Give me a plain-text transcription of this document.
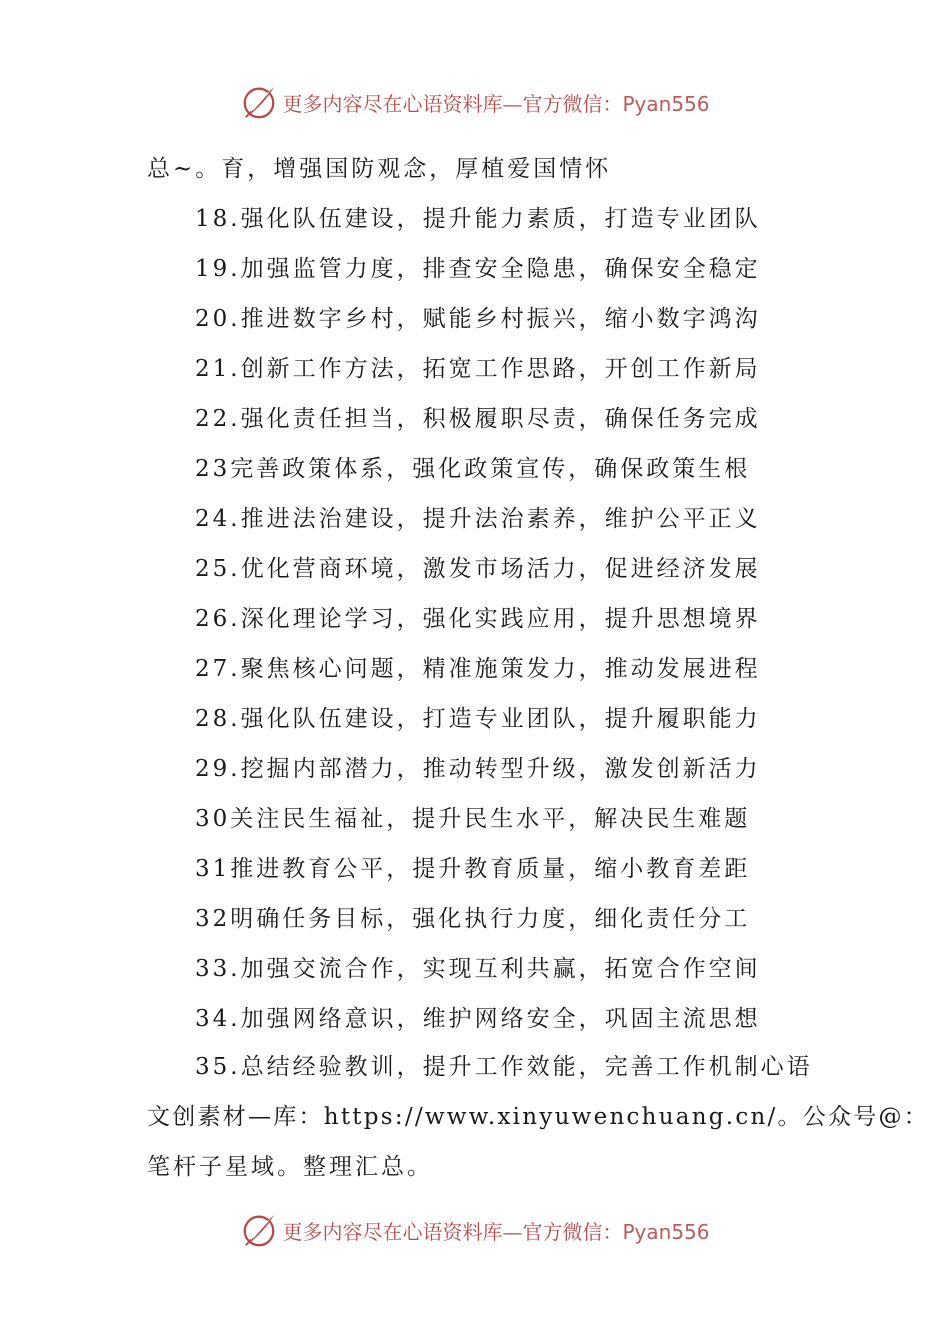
更多内容尽在心语资料库—官方微信：Pyan556
总~。育，增强国防观念，厚植爱国情怀
18.强化队伍建设，提升能力素质，打造专业团队
19.加强监管力度，排查安全隐患，确保安全稳定
20.推进数字乡村，赋能乡村振兴，缩小数字鸿沟
21.创新工作方法，拓宽工作思路，开创工作新局
22.强化责任担当，积极履职尽责，确保任务完成
23完善政策体系，强化政策宣传，确保政策生根
24.推进法治建设，提升法治素养，维护公平正义
25.优化营商环境，激发市场活力，促进经济发展
26.深化理论学习，强化实践应用，提升思想境界
27.聚焦核心问题，精准施策发力，推动发展进程
28.强化队伍建设，打造专业团队，提升履职能力
29.挖掘内部潜力，推动转型升级，激发创新活力
30关注民生福祉，提升民生水平，解决民生难题
31推进教育公平，提升教育质量，缩小教育差距
32明确任务目标，强化执行力度，细化责任分工
33.加强交流合作，实现互利共赢，拓宽合作空间
34.加强网络意识，维护网络安全，巩固主流思想
35.总结经验教训，提升工作效能，完善工作机制心语
文创素材—库：https://www.xinyuwenchuang.cn/。公众号@：
笔杆子星域。整理汇总。
更多内容尽在心语资料库—官方微信：Pyan556
